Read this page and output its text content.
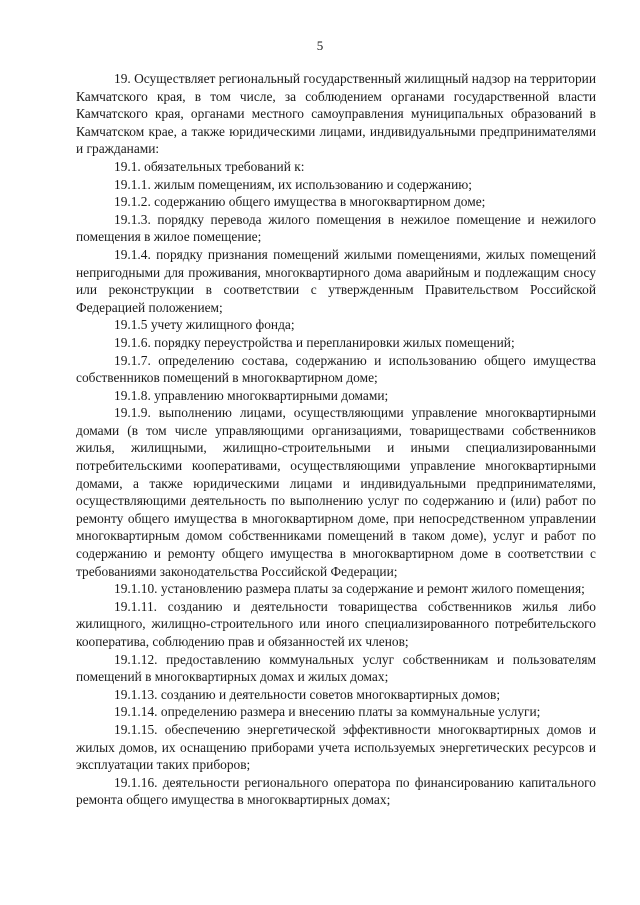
5

19. Осуществляет региональный государственный жилищный надзор на территории Камчатского края, в том числе, за соблюдением органами государственной власти Камчатского края, органами местного самоуправления муниципальных образований в Камчатском крае, а также юридическими лицами, индивидуальными предпринимателями и гражданами:

19.1. обязательных требований к:

19.1.1. жилым помещениям, их использованию и содержанию;

19.1.2. содержанию общего имущества в многоквартирном доме;

19.1.3. порядку перевода жилого помещения в нежилое помещение и нежилого помещения в жилое помещение;

19.1.4. порядку признания помещений жилыми помещениями, жилых помещений непригодными для проживания, многоквартирного дома аварийным и подлежащим сносу или реконструкции в соответствии с утвержденным Правительством Российской Федерацией положением;

19.1.5 учету жилищного фонда;

19.1.6. порядку переустройства и перепланировки жилых помещений;

19.1.7. определению состава, содержанию и использованию общего имущества собственников помещений в многоквартирном доме;

19.1.8. управлению многоквартирными домами;

19.1.9. выполнению лицами, осуществляющими управление многоквартирными домами (в том числе управляющими организациями, товариществами собственников жилья, жилищными, жилищно-строительными и иными специализированными потребительскими кооперативами, осуществляющими управление многоквартирными домами, а также юридическими лицами и индивидуальными предпринимателями, осуществляющими деятельность по выполнению услуг по содержанию и (или) работ по ремонту общего имущества в многоквартирном доме, при непосредственном управлении многоквартирным домом собственниками помещений в таком доме), услуг и работ по содержанию и ремонту общего имущества в многоквартирном доме в соответствии с требованиями законодательства Российской Федерации;

19.1.10. установлению размера платы за содержание и ремонт жилого помещения;

19.1.11. созданию и деятельности товарищества собственников жилья либо жилищного, жилищно-строительного или иного специализированного потребительского кооператива, соблюдению прав и обязанностей их членов;

19.1.12. предоставлению коммунальных услуг собственникам и пользователям помещений в многоквартирных домах и жилых домах;

19.1.13. созданию и деятельности советов многоквартирных домов;

19.1.14. определению размера и внесению платы за коммунальные услуги;

19.1.15. обеспечению энергетической эффективности многоквартирных домов и жилых домов, их оснащению приборами учета используемых энергетических ресурсов и эксплуатации таких приборов;

19.1.16. деятельности регионального оператора по финансированию капитального ремонта общего имущества в многоквартирных домах;
